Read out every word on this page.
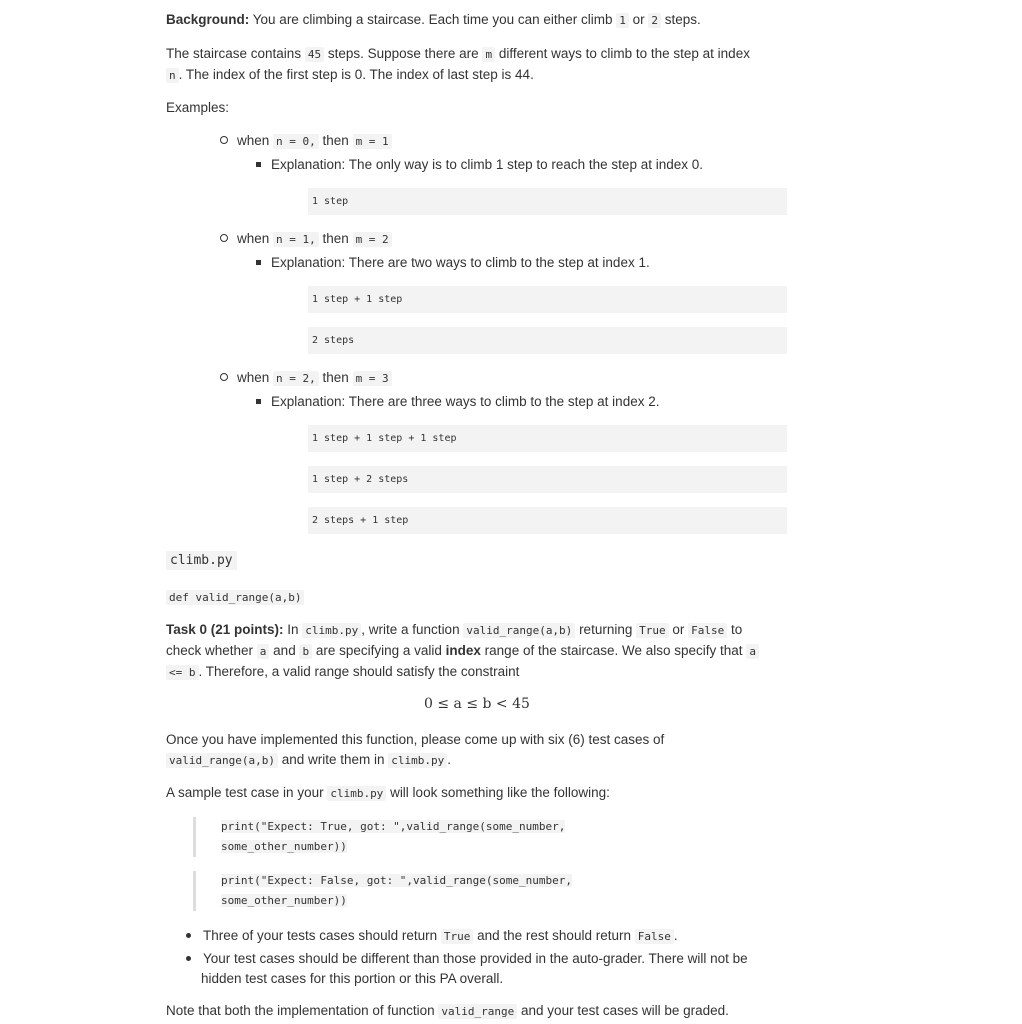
Background: You are climbing a staircase. Each time you can either climb 1 or 2 steps.

The staircase contains 45 steps. Suppose there are m different ways to climb to the step at index
n . The index of the first step is 0. The index of last step is 44.

Examples:

when n = 0, then m = 1

Explanation: The only way is to climb 1 step to reach the step at index 0.

1 step

when n = 1, then m = 2

Explanation: There are two ways to climb to the step at index 1.

1 step + 1 step
2 steps

when n = 2, then m = 3

Explanation: There are three ways to climb to the step at index 2.

1 step + 1 step + 1 step
1 step + 2 steps
2 steps + 1 step

climb.py

def valid_range(a,b)

Task 0 (21 points): In climb.py , write a function valid_range(a,b) returning True or False to
check whether a and b are specifying a valid index range of the staircase. We also specify that a
<= b . Therefore, a valid range should satisfy the constraint

0 ≤ a ≤ b < 45

Once you have implemented this function, please come up with six (6) test cases of
valid_range(a,b) and write them in climb.py .

A sample test case in your climb.py will look something like the following:

print("Expect: True, got: ",valid_range(some_number,
some_other_number))
print("Expect: False, got: ",valid_range(some_number,
some_other_number))

Three of your tests cases should return True and the rest should return False .

Your test cases should be different than those provided in the auto-grader. There will not be

hidden test cases for this portion or this PA overall.

Note that both the implementation of function valid_range and your test cases will be graded.
